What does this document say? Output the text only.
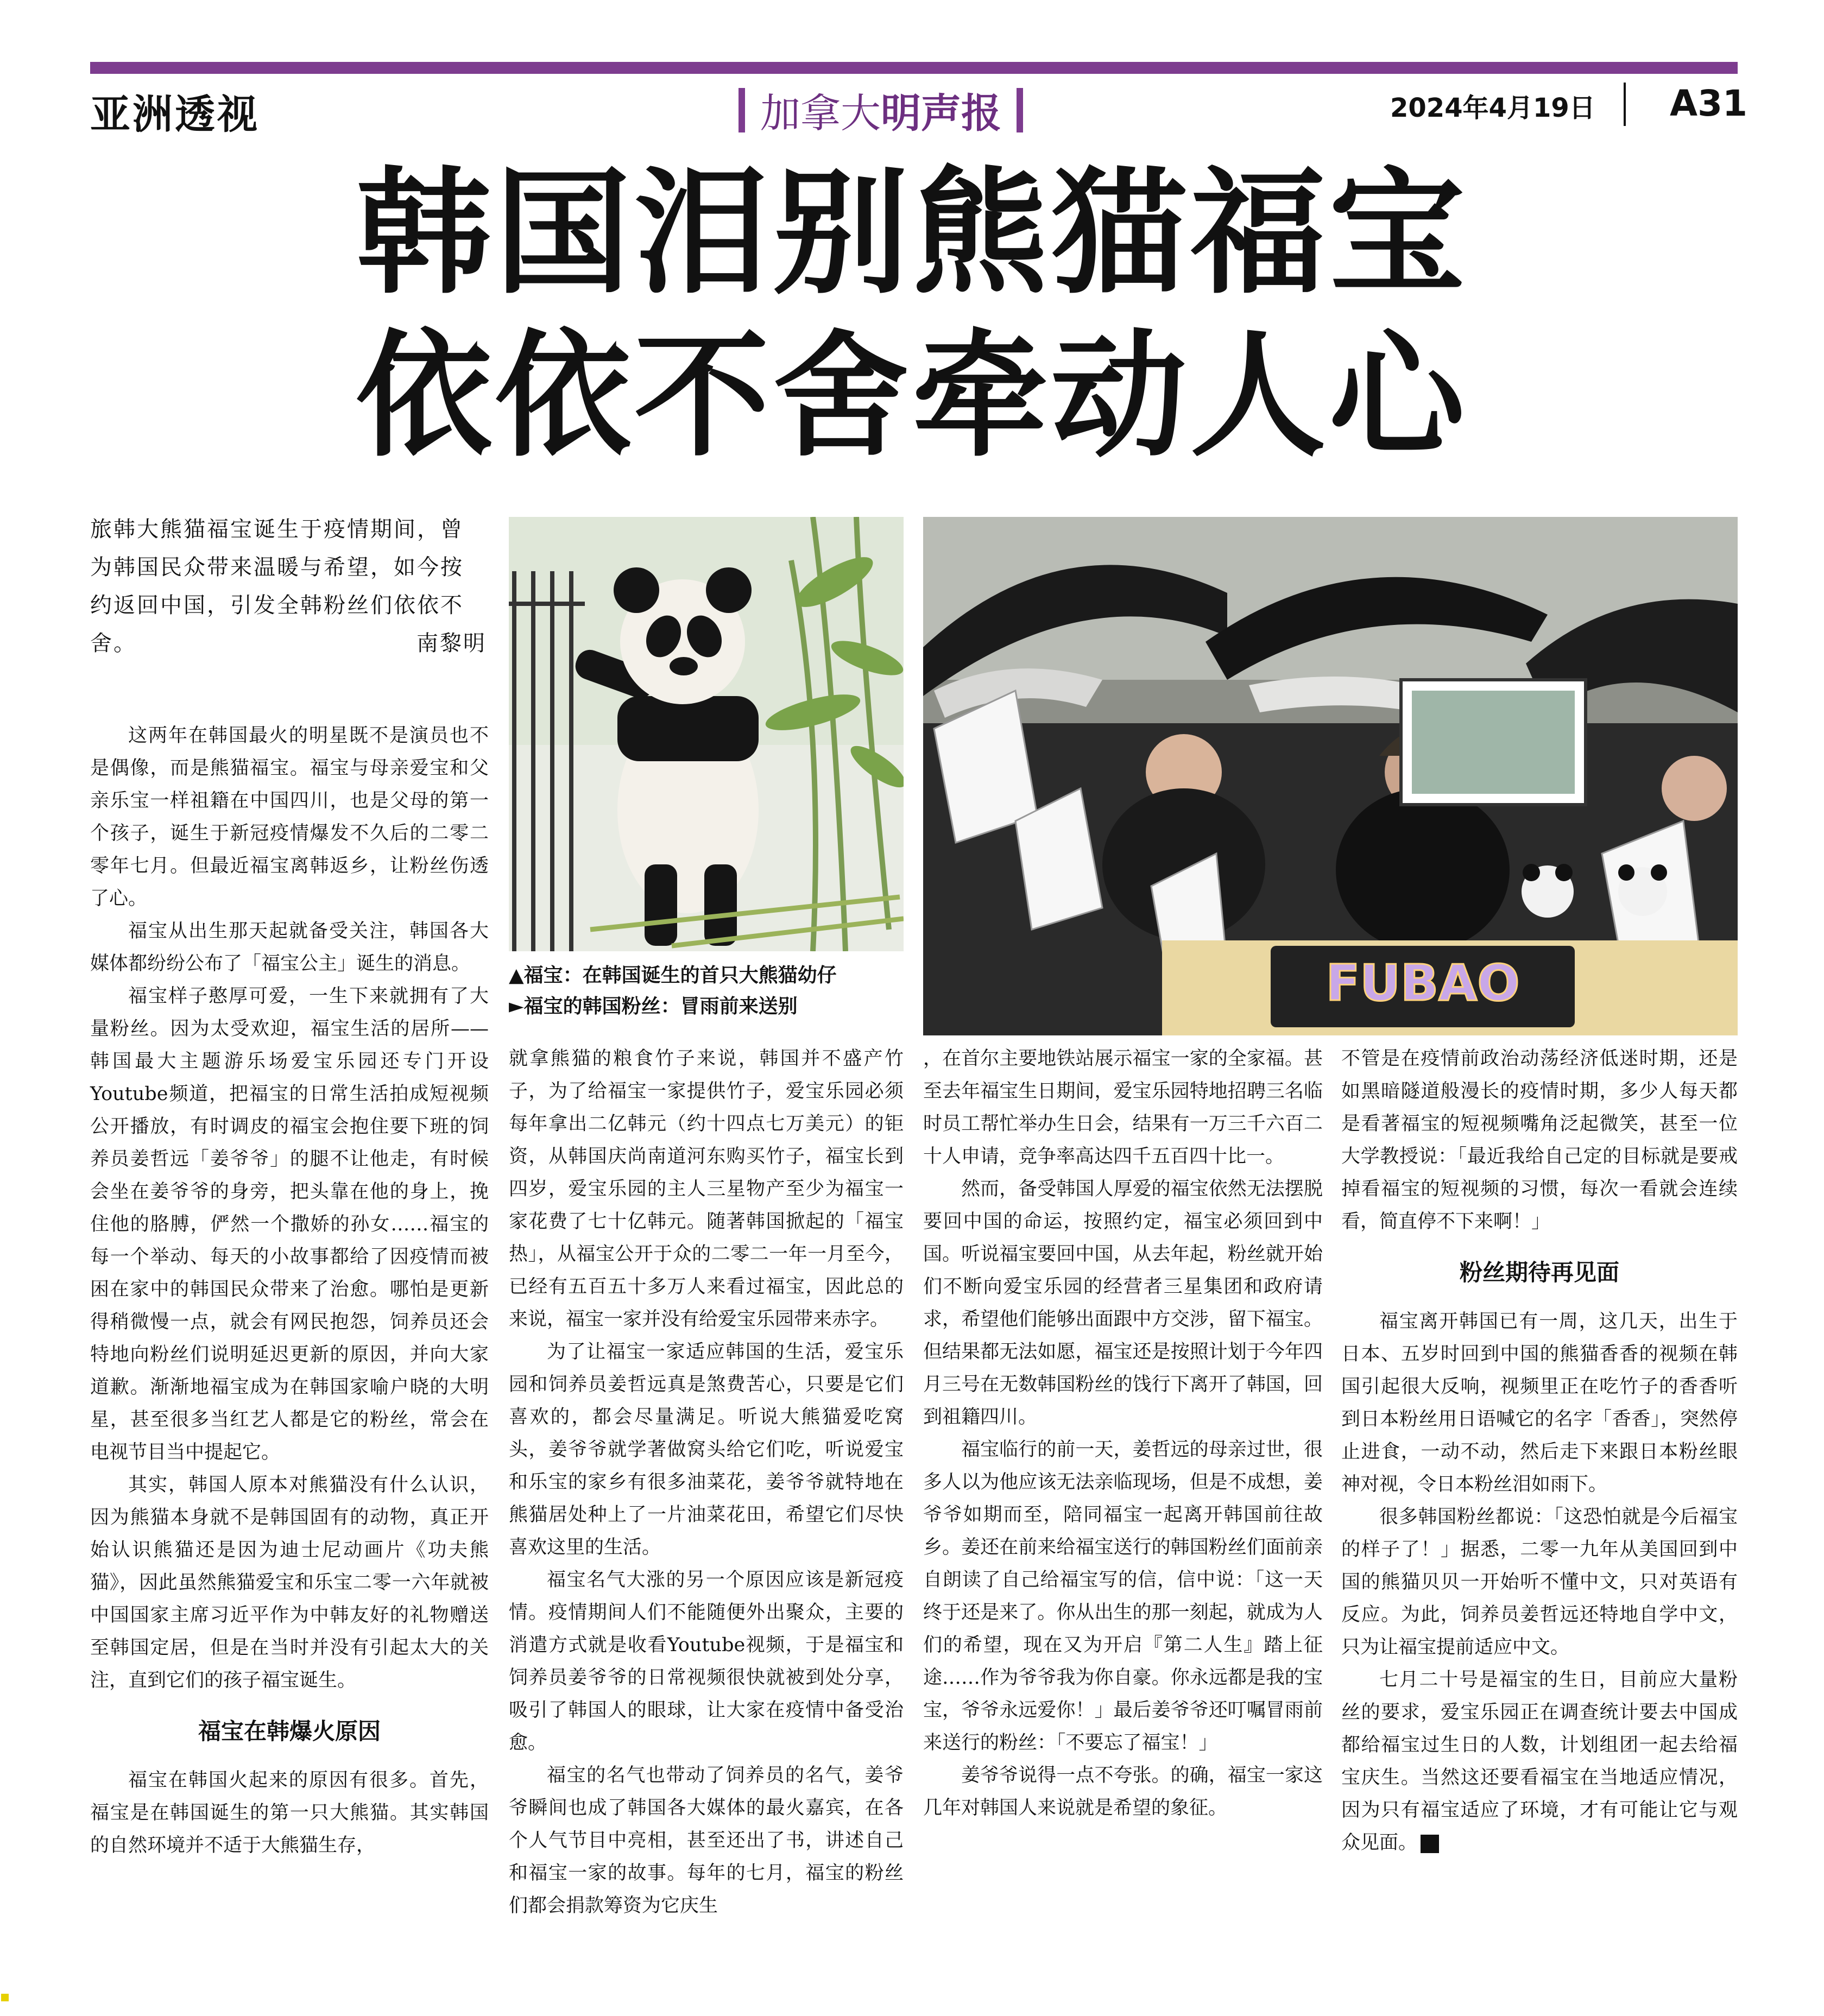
亚洲透视	加拿大明声报	2024年4月19日 A31
韩国泪别熊猫福宝
依依不舍牵动人心
旅韩大熊猫福宝诞生于疫情期间，曾为韩国民众带来温暖与希望，如今按约返回中国，引发全韩粉丝们依依不舍。	南黎明
▲福宝：在韩国诞生的首只大熊猫幼仔
►福宝的韩国粉丝：冒雨前来送别	FUBAO

这两年在韩国最火的明星既不是演员也不是偶像，而是熊猫福宝。福宝与母亲爱宝和父亲乐宝一样祖籍在中国四川，也是父母的第一个孩子，诞生于新冠疫情爆发不久后的二零二零年七月。但最近福宝离韩返乡，让粉丝伤透了心。

福宝从出生那天起就备受关注，韩国各大媒体都纷纷公布了「福宝公主」诞生的消息。

福宝样子憨厚可爱，一生下来就拥有了大量粉丝。因为太受欢迎，福宝生活的居所——韩国最大主题游乐场爱宝乐园还专门开设Youtube频道，把福宝的日常生活拍成短视频公开播放，有时调皮的福宝会抱住要下班的饲养员姜哲远「姜爷爷」的腿不让他走，有时候会坐在姜爷爷的身旁，把头靠在他的身上，挽住他的胳膊，俨然一个撒娇的孙女……福宝的每一个举动、每天的小故事都给了因疫情而被困在家中的韩国民众带来了治愈。哪怕是更新得稍微慢一点，就会有网民抱怨，饲养员还会特地向粉丝们说明延迟更新的原因，并向大家道歉。渐渐地福宝成为在韩国家喻户晓的大明星，甚至很多当红艺人都是它的粉丝，常会在电视节目当中提起它。

其实，韩国人原本对熊猫没有什么认识，因为熊猫本身就不是韩国固有的动物，真正开始认识熊猫还是因为迪士尼动画片《功夫熊猫》，因此虽然熊猫爱宝和乐宝二零一六年就被中国国家主席习近平作为中韩友好的礼物赠送至韩国定居，但是在当时并没有引起太大的关注，直到它们的孩子福宝诞生。

福宝在韩爆火原因

福宝在韩国火起来的原因有很多。首先，福宝是在韩国诞生的第一只大熊猫。其实韩国的自然环境并不适于大熊猫生存，

就拿熊猫的粮食竹子来说，韩国并不盛产竹子，为了给福宝一家提供竹子，爱宝乐园必须每年拿出二亿韩元（约十四点七万美元）的钜资，从韩国庆尚南道河东购买竹子，福宝长到四岁，爱宝乐园的主人三星物产至少为福宝一家花费了七十亿韩元。随著韩国掀起的「福宝热」，从福宝公开于众的二零二一年一月至今，已经有五百五十多万人来看过福宝，因此总的来说，福宝一家并没有给爱宝乐园带来赤字。

为了让福宝一家适应韩国的生活，爱宝乐园和饲养员姜哲远真是煞费苦心，只要是它们喜欢的，都会尽量满足。听说大熊猫爱吃窝头，姜爷爷就学著做窝头给它们吃，听说爱宝和乐宝的家乡有很多油菜花，姜爷爷就特地在熊猫居处种上了一片油菜花田，希望它们尽快喜欢这里的生活。

福宝名气大涨的另一个原因应该是新冠疫情。疫情期间人们不能随便外出聚众，主要的消遣方式就是收看Youtube视频，于是福宝和饲养员姜爷爷的日常视频很快就被到处分享，吸引了韩国人的眼球，让大家在疫情中备受治愈。

福宝的名气也带动了饲养员的名气，姜爷爷瞬间也成了韩国各大媒体的最火嘉宾，在各个人气节目中亮相，甚至还出了书，讲述自己和福宝一家的故事。每年的七月，福宝的粉丝们都会捐款筹资为它庆生

，在首尔主要地铁站展示福宝一家的全家福。甚至去年福宝生日期间，爱宝乐园特地招聘三名临时员工帮忙举办生日会，结果有一万三千六百二十人申请，竞争率高达四千五百四十比一。

然而，备受韩国人厚爱的福宝依然无法摆脱要回中国的命运，按照约定，福宝必须回到中国。听说福宝要回中国，从去年起，粉丝就开始们不断向爱宝乐园的经营者三星集团和政府请求，希望他们能够出面跟中方交涉，留下福宝。但结果都无法如愿，福宝还是按照计划于今年四月三号在无数韩国粉丝的饯行下离开了韩国，回到祖籍四川。

福宝临行的前一天，姜哲远的母亲过世，很多人以为他应该无法亲临现场，但是不成想，姜爷爷如期而至，陪同福宝一起离开韩国前往故乡。姜还在前来给福宝送行的韩国粉丝们面前亲自朗读了自己给福宝写的信，信中说：「这一天终于还是来了。你从出生的那一刻起，就成为人们的希望，现在又为开启『第二人生』踏上征途……作为爷爷我为你自豪。你永远都是我的宝宝，爷爷永远爱你！」最后姜爷爷还叮嘱冒雨前来送行的粉丝：「不要忘了福宝！」

姜爷爷说得一点不夸张。的确，福宝一家这几年对韩国人来说就是希望的象征。

不管是在疫情前政治动荡经济低迷时期，还是如黑暗隧道般漫长的疫情时期，多少人每天都是看著福宝的短视频嘴角泛起微笑，甚至一位大学教授说：「最近我给自己定的目标就是要戒掉看福宝的短视频的习惯，每次一看就会连续看，简直停不下来啊！」

粉丝期待再见面

福宝离开韩国已有一周，这几天，出生于日本、五岁时回到中国的熊猫香香的视频在韩国引起很大反响，视频里正在吃竹子的香香听到日本粉丝用日语喊它的名字「香香」，突然停止进食，一动不动，然后走下来跟日本粉丝眼神对视，令日本粉丝泪如雨下。

很多韩国粉丝都说：「这恐怕就是今后福宝的样子了！」据悉，二零一九年从美国回到中国的熊猫贝贝一开始听不懂中文，只对英语有反应。为此，饲养员姜哲远还特地自学中文，只为让福宝提前适应中文。

七月二十号是福宝的生日，目前应大量粉丝的要求，爱宝乐园正在调查统计要去中国成都给福宝过生日的人数，计划组团一起去给福宝庆生。当然这还要看福宝在当地适应情况，因为只有福宝适应了环境，才有可能让它与观众见面。
